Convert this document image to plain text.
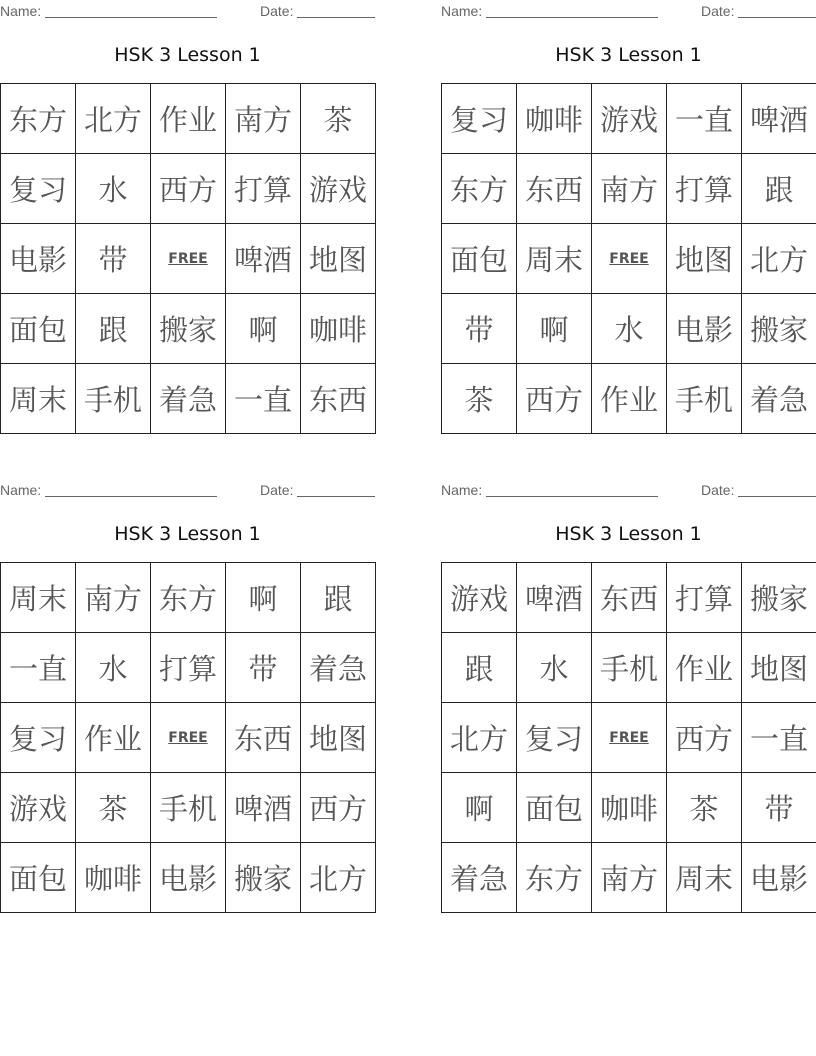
Name:	Date:
HSK 3 Lesson 1
东方	北方	作业	南方	茶
复习	水	西方	打算	游戏
电影	带	FREE	啤酒	地图
面包	跟	搬家	啊	咖啡
周末	手机	着急	一直	东西
Name:	Date:
HSK 3 Lesson 1
复习	咖啡	游戏	一直	啤酒
东方	东西	南方	打算	跟
面包	周末	FREE	地图	北方
带	啊	水	电影	搬家
茶	西方	作业	手机	着急
Name:	Date:
HSK 3 Lesson 1
周末	南方	东方	啊	跟
一直	水	打算	带	着急
复习	作业	FREE	东西	地图
游戏	茶	手机	啤酒	西方
面包	咖啡	电影	搬家	北方
Name:	Date:
HSK 3 Lesson 1
游戏	啤酒	东西	打算	搬家
跟	水	手机	作业	地图
北方	复习	FREE	西方	一直
啊	面包	咖啡	茶	带
着急	东方	南方	周末	电影
